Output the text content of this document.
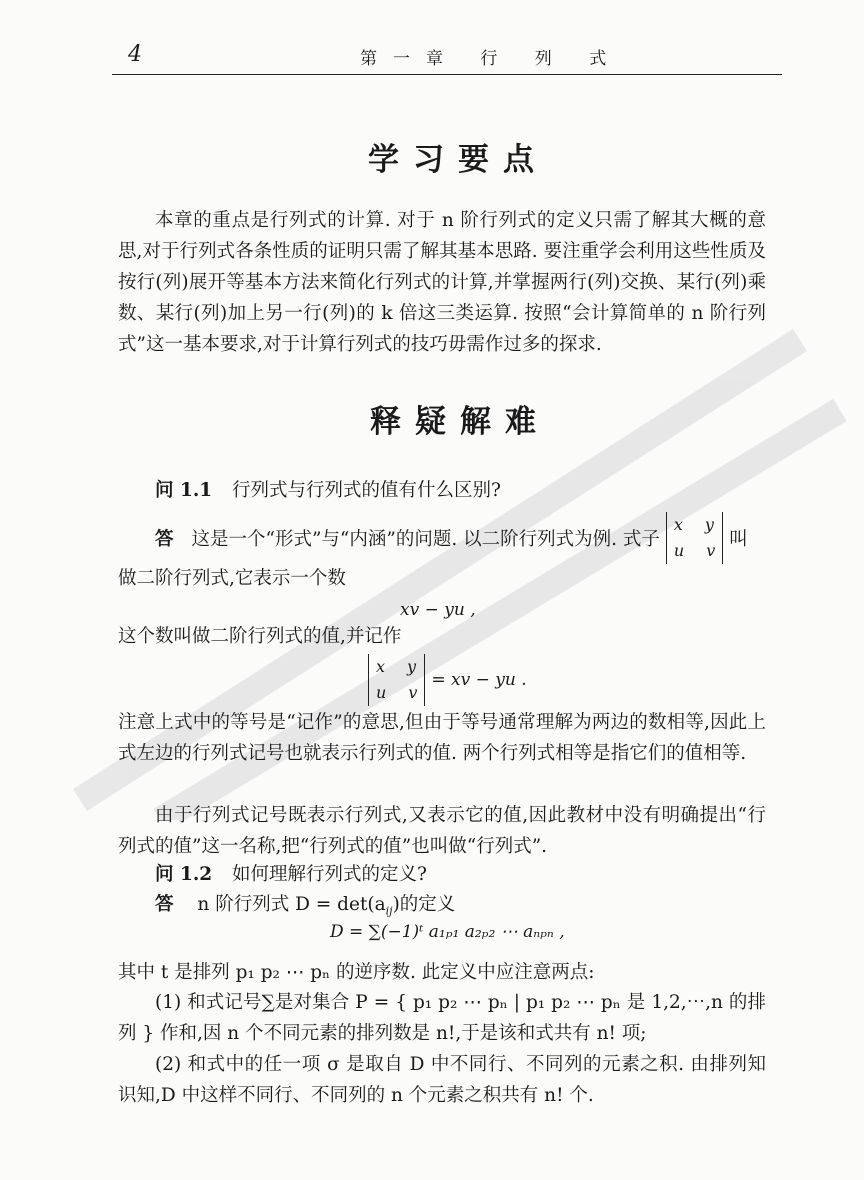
4	第一章 行 列 式
学习要点

本章的重点是行列式的计算. 对于 n 阶行列式的定义只需了解其大概的意思,对于行列式各条性质的证明只需了解其基本思路. 要注重学会利用这些性质及按行(列)展开等基本方法来简化行列式的计算,并掌握两行(列)交换、某行(列)乘数、某行(列)加上另一行(列)的 k 倍这三类运算. 按照“会计算简单的 n 阶行列式”这一基本要求,对于计算行列式的技巧毋需作过多的探求.

释疑解难
问 1.1 行列式与行列式的值有什么区别?
答 这是一个“形式”与“内涵”的问题. 以二阶行列式为例. 式子
x y
u v
叫
做二阶行列式,它表示一个数
xv − yu ,
这个数叫做二阶行列式的值,并记作
x y
u v
= xv − yu .

注意上式中的等号是“记作”的意思,但由于等号通常理解为两边的数相等,因此上式左边的行列式记号也就表示行列式的值. 两个行列式相等是指它们的值相等.

由于行列式记号既表示行列式,又表示它的值,因此教材中没有明确提出“行列式的值”这一名称,把“行列式的值”也叫做“行列式”.

问 1.2 如何理解行列式的定义?
答 n 阶行列式 $D = \det(a_{ij})$的定义
D = ∑(−1)ᵗ a₁ₚ₁ a₂ₚ₂ ⋯ aₙₚₙ ,
其中 t 是排列 p₁ p₂ ⋯ pₙ 的逆序数. 此定义中应注意两点:

(1) 和式记号∑是对集合 P = { p₁ p₂ ⋯ pₙ | p₁ p₂ ⋯ pₙ 是 1,2,⋯,n 的排列 } 作和,因 n 个不同元素的排列数是 n!,于是该和式共有 n! 项;

(2) 和式中的任一项 σ 是取自 D 中不同行、不同列的元素之积. 由排列知识知,D 中这样不同行、不同列的 n 个元素之积共有 n! 个.
